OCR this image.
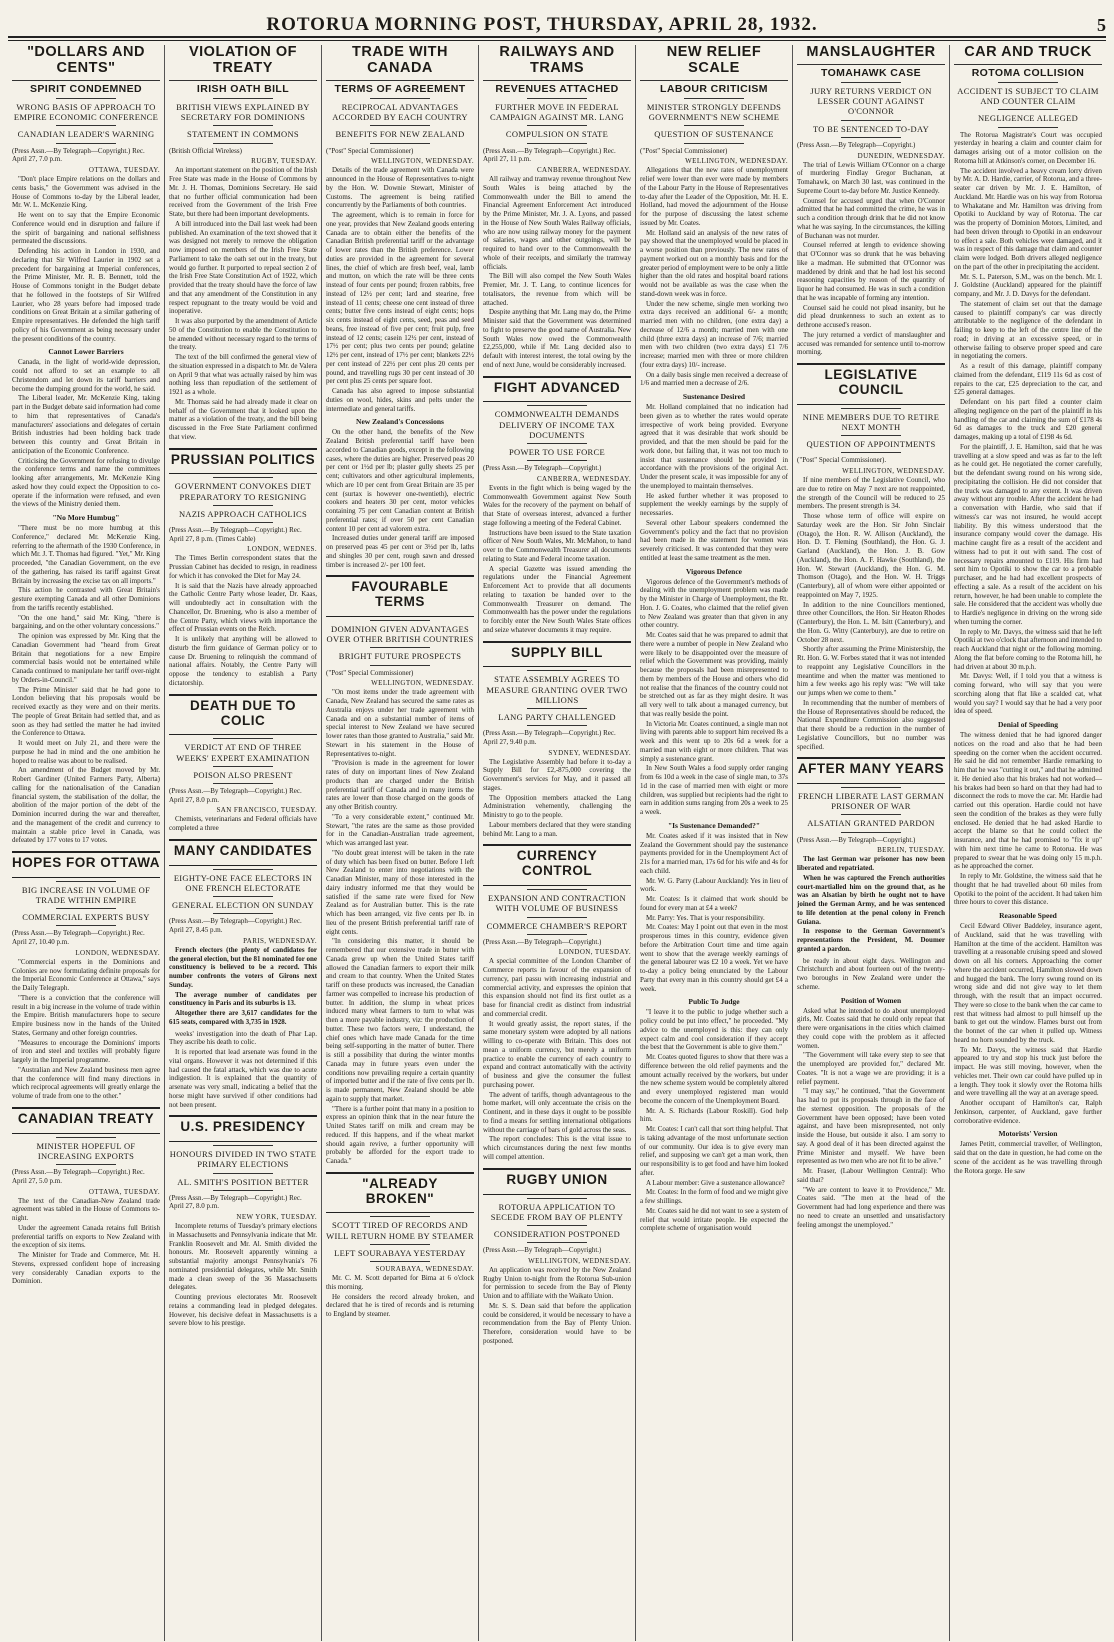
ROTORUA MORNING POST, THURSDAY, APRIL 28, 1932.	5
"DOLLARS AND CENTS"
SPIRIT CONDEMNED
WRONG BASIS OF APPROACH TO EMPIRE ECONOMIC CONFERENCE
CANADIAN LEADER'S WARNING
(Press Assn.—By Telegraph—Copyright.) Rec. April 27, 7.0 p.m.
OTTAWA, TUESDAY.

"Don't place Empire relations on the dollars and cents basis," the Government was advised in the House of Commons to-day by the Liberal leader, Mr. W. L. McKenzie King.

He went on to say that the Empire Economic Conference would end in disruption and failure if the spirit of bargaining and national selfishness permeated the discussions.

Defending his action in London in 1930, and declaring that Sir Wilfred Laurier in 1902 set a precedent for bargaining at Imperial conferences, the Prime Minister, Mr. R. B. Bennett, told the House of Commons tonight in the Budget debate that he followed in the footsteps of Sir Wilfred Laurier, who 28 years before had imposed trade conditions on Great Britain at a similar gathering of Empire representatives. He defended the high tariff policy of his Government as being necessary under the present conditions of the country.

Cannot Lower Barriers

Canada, in the light of world-wide depression, could not afford to set an example to all Christendom and let down its tariff barriers and become the dumping ground for the world, he said.

The Liberal leader, Mr. McKenzie King, taking part in the Budget debate said information had come to him that representatives of Canada's manufacturers' associations and delegates of certain British industries had been holding back trade between this country and Great Britain in anticipation of the Economic Conference.

Criticising the Government for refusing to divulge the conference terms and name the committees looking after arrangements, Mr. McKenzie King asked how they could expect the Opposition to co-operate if the information were refused, and even the views of the Ministry denied them.

"No More Humbug"

"There must be no more humbug at this Conference," declared Mr. McKenzie King, referring to the aftermath of the 1930 Conference, in which Mr. J. T. Thomas had figured. "Yet," Mr. King proceeded, "the Canadian Government, on the eve of the gathering, has raised its tariff against Great Britain by increasing the excise tax on all imports."

This action he contrasted with Great Britain's gesture exempting Canada and all other Dominions from the tariffs recently established.

"On the one hand," said Mr. King, "there is bargaining, and on the other voluntary concessions."

The opinion was expressed by Mr. King that the Canadian Government had "heard from Great Britain that negotiations for a new Empire commercial basis would not be entertained while Canada continued to manipulate her tariff over-night by Orders-in-Council."

The Prime Minister said that he had gone to London believing that his proposals would be received exactly as they were and on their merits. The people of Great Britain had settled that, and as soon as they had settled the matter he had invited the Conference to Ottawa.

It would meet on July 21, and there were the purpose he had in mind and the one ambition he hoped to realise was about to be realised.

An amendment of the Budget moved by Mr. Robert Gardiner (United Farmers Party, Alberta) calling for the nationalisation of the Canadian financial system, the stabilisation of the dollar, the abolition of the major portion of the debt of the Dominion incurred during the war and thereafter, and the management of the credit and currency to maintain a stable price level in Canada, was defeated by 177 votes to 17 votes.

HOPES FOR OTTAWA
BIG INCREASE IN VOLUME OF TRADE WITHIN EMPIRE
COMMERCIAL EXPERTS BUSY
(Press Assn.—By Telegraph—Copyright.) Rec. April 27, 10.40 p.m.
LONDON, WEDNESDAY.

"Commercial experts in the Dominions and Colonies are now formulating definite proposals for the Imperial Economic Conference at Ottawa," says the Daily Telegraph.

"There is a conviction that the conference will result in a big increase in the volume of trade within the Empire. British manufacturers hope to secure Empire business now in the hands of the United States, Germany and other foreign countries.

"Measures to encourage the Dominions' imports of iron and steel and textiles will probably figure largely in the Imperial programme.

"Australian and New Zealand business men agree that the conference will find many directions in which reciprocal agreements will greatly enlarge the volume of trade from one to the other."

CANADIAN TREATY
MINISTER HOPEFUL OF INCREASING EXPORTS
(Press Assn.—By Telegraph—Copyright.) Rec. April 27, 5.0 p.m.
OTTAWA, TUESDAY.

The text of the Canadian-New Zealand trade agreement was tabled in the House of Commons to-night.

Under the agreement Canada retains full British preferential tariffs on exports to New Zealand with the exception of six items.

The Minister for Trade and Commerce, Mr. H. Stevens, expressed confident hope of increasing very considerably Canadian exports to the Dominion.

VIOLATION OF TREATY
IRISH OATH BILL
BRITISH VIEWS EXPLAINED BY SECRETARY FOR DOMINIONS
STATEMENT IN COMMONS
(British Official Wireless)
RUGBY, TUESDAY.

An important statement on the position of the Irish Free State was made in the House of Commons by Mr. J. H. Thomas, Dominions Secretary. He said that no further official communication had been received from the Government of the Irish Free State, but there had been important developments.

A bill introduced into the Dail last week had been published. An examination of the text showed that it was designed not merely to remove the obligation now imposed on members of the Irish Free State Parliament to take the oath set out in the treaty, but would go further. It purported to repeal section 2 of the Irish Free State Constitution Act of 1922, which provided that the treaty should have the force of law and that any amendment of the Constitution in any respect repugnant to the treaty would be void and inoperative.

It was also purported by the amendment of Article 50 of the Constitution to enable the Constitution to be amended without necessary regard to the terms of the treaty.

The text of the bill confirmed the general view of the situation expressed in a dispatch to Mr. de Valera on April 9 that what was actually raised by him was nothing less than repudiation of the settlement of 1921 as a whole.

Mr. Thomas said he had already made it clear on behalf of the Government that it looked upon the matter as a violation of the treaty, and the bill being discussed in the Free State Parliament confirmed that view.

PRUSSIAN POLITICS
GOVERNMENT CONVOKES DIET PREPARATORY TO RESIGNING
NAZIS APPROACH CATHOLICS
(Press Assn.—By Telegraph—Copyright.) Rec. April 27, 8 p.m. (Times Cable)
LONDON, WEDNES.

The Times Berlin correspondent states that the Prussian Cabinet has decided to resign, in readiness for which it has convoked the Diet for May 24.

It is said that the Nazis have already approached the Catholic Centre Party whose leader, Dr. Kaas, will undoubtedly act in consultation with the Chancellor, Dr. Bruening, who is also a member of the Centre Party, which views with importance the effect of Prussian events on the Reich.

It is unlikely that anything will be allowed to disturb the firm guidance of German policy or to cause Dr. Bruening to relinquish the command of national affairs. Notably, the Centre Party will oppose the tendency to establish a Party dictatorship.

DEATH DUE TO COLIC
VERDICT AT END OF THREE WEEKS' EXPERT EXAMINATION
POISON ALSO PRESENT
(Press Assn.—By Telegraph—Copyright.) Rec. April 27, 8.0 p.m.
SAN FRANCISCO, TUESDAY.

Chemists, veterinarians and Federal officials have completed a three

MANY CANDIDATES
EIGHTY-ONE FACE ELECTORS IN ONE FRENCH ELECTORATE
GENERAL ELECTION ON SUNDAY
(Press Assn.—By Telegraph—Copyright.) Rec. April 27, 8.45 p.m.
PARIS, WEDNESDAY.

French electors (the plenty of candidates for the general election, but the 81 nominated for one constituency is believed to be a record. This number confronts the voters of Girons next Sunday.

The average number of candidates per constituency in Paris and its suburbs is 13.

Altogether there are 3,617 candidates for the 615 seats, compared with 3,735 in 1928.

weeks' investigation into the death of Phar Lap. They ascribe his death to colic.

It is reported that lead arsenate was found in the vital organs. However it was not determined if this had caused the fatal attack, which was due to acute indigestion. It is explained that the quantity of arsenate was very small, indicating a belief that the horse might have survived if other conditions had not been present.

U.S. PRESIDENCY
HONOURS DIVIDED IN TWO STATE PRIMARY ELECTIONS
AL. SMITH'S POSITION BETTER
(Press Assn.—By Telegraph—Copyright.) Rec. April 27, 8.0 p.m.
NEW YORK, TUESDAY.

Incomplete returns of Tuesday's primary elections in Massachusetts and Pennsylvania indicate that Mr. Franklin Roosevelt and Mr. Al. Smith divided the honours. Mr. Roosevelt apparently winning a substantial majority amongst Pennsylvania's 76 nominated presidential delegates, while Mr. Smith made a clean sweep of the 36 Massachusetts delegates.

Counting previous electorates Mr. Roosevelt retains a commanding lead in pledged delegates. However, his decisive defeat in Massachusetts is a severe blow to his prestige.

TRADE WITH CANADA
TERMS OF AGREEMENT
RECIPROCAL ADVANTAGES ACCORDED BY EACH COUNTRY
BENEFITS FOR NEW ZEALAND
("Post" Special Commissioner)
WELLINGTON, WEDNESDAY.

Details of the trade agreement with Canada were announced in the House of Representatives to-night by the Hon. W. Downie Stewart, Minister of Customs. The agreement is being ratified concurrently by the Parliaments of both countries.

The agreement, which is to remain in force for one year, provides that New Zealand goods entering Canada are to obtain either the benefits of the Canadian British preferential tariff or the advantage of lower rates than the British preference. Lower duties are provided in the agreement for several lines, the chief of which are fresh beef, veal, lamb and mutton, on which the rate will be three cents instead of four cents per pound; frozen rabbits, free instead of 12½ per cent; lard and stearine, free instead of 11 cents; cheese one cent instead of three cents; butter five cents instead of eight cents; hops six cents instead of eight cents, seed, peas and seed beans, free instead of five per cent; fruit pulp, free instead of 12 cents; casein 12½ per cent, instead of 17½ per cent; plus two cents per pound; gelatine 12½ per cent, instead of 17½ per cent; blankets 22½ per cent instead of 22½ per cent plus 20 cents per pound, and travelling rugs 30 per cent instead of 30 per cent plus 25 cents per square foot.

Canada has also agreed to impose substantial duties on wool, hides, skins and pelts under the intermediate and general tariffs.

New Zealand's Concessions

On the other hand, the benefits of the New Zealand British preferential tariff have been accorded to Canadian goods, except in the following cases, where the duties are higher. Preserved peas 20 per cent or 1½d per lb; plaster gully sheets 25 per cent; cultivators and other agricultural implements, which are 10 per cent from Great Britain are 35 per cent (surtax is however one-twentieth), electric cookers and heaters 30 per cent, motor vehicles containing 75 per cent Canadian content at British preferential rates; if over 50 per cent Canadian content 10 per cent ad valorem extra.

Increased duties under general tariff are imposed on preserved peas 45 per cent or 3½d per lb, laths and shingles 30 per cent, rough sawn and dressed timber is increased 2/- per 100 feet.

FAVOURABLE TERMS
DOMINION GIVEN ADVANTAGES OVER OTHER BRITISH COUNTRIES
BRIGHT FUTURE PROSPECTS
("Post" Special Commissioner)
WELLINGTON, WEDNESDAY.

"On most items under the trade agreement with Canada, New Zealand has secured the same rates as Australia enjoys under her trade agreement with Canada and on a substantial number of items of special interest to New Zealand we have secured lower rates than those granted to Australia," said Mr. Stewart in his statement in the House of Representatives to-night.

"Provision is made in the agreement for lower rates of duty on important lines of New Zealand products than are charged under the British preferential tariff of Canada and in many items the rates are lower than those charged on the goods of any other British country.

"To a very considerable extent," continued Mr. Stewart, "the rates are the same as those provided for in the Canadian-Australian trade agreement, which was arranged last year.

"No doubt great interest will be taken in the rate of duty which has been fixed on butter. Before I left New Zealand to enter into negotiations with the Canadian Minister, many of those interested in the dairy industry informed me that they would be satisfied if the same rate were fixed for New Zealand as for Australian butter. This is the rate which has been arranged, viz five cents per lb. in lieu of the present British preferential tariff rate of eight cents.

"In considering this matter, it should be remembered that our extensive trade in butter with Canada grew up when the United States tariff allowed the Canadian farmers to export their milk and cream to that country. When the United States tariff on these products was increased, the Canadian farmer was compelled to increase his production of butter. In addition, the slump in wheat prices induced many wheat farmers to turn to what was then a more payable industry, viz: the production of butter. These two factors were, I understand, the chief ones which have made Canada for the time being self-supporting in the matter of butter. There is still a possibility that during the winter months Canada may in future years even under the conditions now prevailing require a certain quantity of imported butter and if the rate of five cents per lb. is made permanent, New Zealand should be able again to supply that market.

"There is a further point that many in a position to express an opinion think that in the near future the United States tariff on milk and cream may be reduced. If this happens, and if the wheat market should again revive, a further opportunity will probably be afforded for the export trade to Canada."

"ALREADY BROKEN"
SCOTT TIRED OF RECORDS AND WILL RETURN HOME BY STEAMER
LEFT SOURABAYA YESTERDAY
SOURABAYA, WEDNESDAY.

Mr. C. M. Scott departed for Bima at 6 o'clock this morning.

He considers the record already broken, and declared that he is tired of records and is returning to England by steamer.

RAILWAYS AND TRAMS
REVENUES ATTACHED
FURTHER MOVE IN FEDERAL CAMPAIGN AGAINST MR. LANG
COMPULSION ON STATE
(Press Assn.—By Telegraph—Copyright.) Rec. April 27, 11 p.m.
CANBERRA, WEDNESDAY.

All railway and tramway revenue throughout New South Wales is being attached by the Commonwealth under the Bill to amend the Financial Agreement Enforcement Act introduced by the Prime Minister, Mr. J. A. Lyons, and passed in the House of New South Wales Railway officials, who are now using railway money for the payment of salaries, wages and other outgoings, will be required to hand over to the Commonwealth the whole of their receipts, and similarly the tramway officials.

The Bill will also compel the New South Wales Premier, Mr. J. T. Lang, to continue licences for totalisators, the revenue from which will be attached.

Despite anything that Mr. Lang may do, the Prime Minister said that the Government was determined to fight to preserve the good name of Australia. New South Wales now owed the Commonwealth £2,255,000, while if Mr. Lang decided also to default with interest interest, the total owing by the end of next June, would be considerably increased.

FIGHT ADVANCED
COMMONWEALTH DEMANDS DELIVERY OF INCOME TAX DOCUMENTS
POWER TO USE FORCE
(Press Assn.—By Telegraph—Copyright.)
CANBERRA, WEDNESDAY.

Events in the fight which is being waged by the Commonwealth Government against New South Wales for the recovery of the payment on behalf of that State of overseas interest, advanced a further stage following a meeting of the Federal Cabinet.

Instructions have been issued to the State taxation officer of New South Wales, Mr. McMahon, to hand over to the Commonwealth Treasurer all documents relating to State and Federal income taxation.

A special Gazette was issued amending the regulations under the Financial Agreement Enforcement Act to provide that all documents relating to taxation be handed over to the Commonwealth Treasurer on demand. The Commonwealth has the power under the regulations to forcibly enter the New South Wales State offices and seize whatever documents it may require.

SUPPLY BILL
STATE ASSEMBLY AGREES TO MEASURE GRANTING OVER TWO MILLIONS
LANG PARTY CHALLENGED
(Press Assn.—By Telegraph—Copyright.) Rec. April 27, 9.40 p.m.
SYDNEY, WEDNESDAY.

The Legislative Assembly had before it to-day a Supply Bill for £2,-875,000 covering the Government's services for May, and it passed all stages.

The Opposition members attacked the Lang Administration vehemently, challenging the Ministry to go to the people.

Labour members declared that they were standing behind Mr. Lang to a man.

CURRENCY CONTROL
EXPANSION AND CONTRACTION WITH VOLUME OF BUSINESS
COMMERCE CHAMBER'S REPORT
(Press Assn.—By Telegraph—Copyright.)
LONDON, TUESDAY.

A special committee of the London Chamber of Commerce reports in favour of the expansion of currency, pari passu with increasing industrial and commercial activity, and expresses the opinion that this expansion should not find its first outlet as a base for financial credit as distinct from industrial and commercial credit.

It would greatly assist, the report states, if the same monetary system were adopted by all nations willing to co-operate with Britain. This does not mean a uniform currency, but merely a uniform practice to enable the currency of each country to expand and contract automatically with the activity of business and give the consumer the fullest purchasing power.

The advent of tariffs, though advantageous to the home market, will only accentuate the crisis on the Continent, and in these days it ought to be possible to find a means for settling international obligations without the carriage of bars of gold across the seas.

The report concludes: This is the vital issue to which circumstances during the next few months will compel attention.

RUGBY UNION
ROTORUA APPLICATION TO SECEDE FROM BAY OF PLENTY
CONSIDERATION POSTPONED
(Press Assn.—By Telegraph—Copyright.)
WELLINGTON, WEDNESDAY.

An application was received by the New Zealand Rugby Union to-night from the Rotorua Sub-union for permission to secede from the Bay of Plenty Union and to affiliate with the Waikato Union.

Mr. S. S. Dean said that before the application could be considered, it would be necessary to have a recommendation from the Bay of Plenty Union. Therefore, consideration would have to be postponed.

NEW RELIEF SCALE
LABOUR CRITICISM
MINISTER STRONGLY DEFENDS GOVERNMENT'S NEW SCHEME
QUESTION OF SUSTENANCE
("Post" Special Commissioner)
WELLINGTON, WEDNESDAY.

Allegations that the new rates of unemployment relief were lower than ever were made by members of the Labour Party in the House of Representatives to-day after the Leader of the Opposition, Mr. H. E. Holland, had moved the adjournment of the House for the purpose of discussing the latest scheme issued by Mr. Coates.

Mr. Holland said an analysis of the new rates of pay showed that the unemployed would be placed in a worse position than previously. The new rates of payment worked out on a monthly basis and for the greater period of employment were to be only a little higher than the old rates and hospital board rations would not be available as was the case when the stand-down week was in force.

Under the new scheme, single men working two extra days received an additional 6/- a month; married men with no children, (one extra day) a decrease of 12/6 a month; married men with one child (three extra days) an increase of 7/6; married men with two children (two extra days) £1 7/6 increase; married men with three or more children (four extra days) 10/- increase.

On a daily basis single men received a decrease of 1/6 and married men a decrease of 2/6.

Sustenance Desired

Mr. Holland complained that no indication had been given as to whether the rates would operate irrespective of work being provided. Everyone agreed that it was desirable that work should be provided, and that the men should be paid for the work done, but failing that, it was not too much to insist that sustenance should be provided in accordance with the provisions of the original Act. Under the present scale, it was impossible for any of the unemployed to maintain themselves.

He asked further whether it was proposed to supplement the weekly earnings by the supply of necessaries.

Several other Labour speakers condemned the Government's policy and the fact that no provision had been made in the statement for women was severely criticised. It was contended that they were entitled at least the same treatment as the men.

Vigorous Defence

Vigorous defence of the Government's methods of dealing with the unemployment problem was made by the Minister in Charge of Unemployment, the Rt. Hon. J. G. Coates, who claimed that the relief given to New Zealand was greater than that given in any other country.

Mr. Coates said that he was prepared to admit that there were a number of people in New Zealand who were likely to be disappointed over the measure of relief which the Government was providing, mainly because the proposals had been misrepresented to them by members of the House and others who did not realise that the finances of the country could not be stretched out as far as they might desire. It was all very well to talk about a managed currency, but that was really beside the point.

In Victoria Mr. Coates continued, a single man not living with parents able to support him received 8s a week and this went up to 20s 6d a week for a married man with eight or more children. That was simply a sustenance grant.

In New South Wales a food supply order ranging from 6s 10d a week in the case of single man, to 37s 1d in the case of married men with eight or more children, was supplied but recipients had the right to earn in addition sums ranging from 20s a week to 25 a week.

"Is Sustenance Demanded?"

Mr. Coates asked if it was insisted that in New Zealand the Government should pay the sustenance payments provided for in the Unemployment Act of 21s for a married man, 17s 6d for his wife and 4s for each child.

Mr. W. G. Parry (Labour Auckland): Yes in lieu of work.

Mr. Coates: Is it claimed that work should be found for every man at £4 a week?

Mr. Parry: Yes. That is your responsibility.

Mr. Coates: May I point out that even in the most prosperous times in this country, evidence given before the Arbitration Court time and time again went to show that the average weekly earnings of the general labourer was £2 10 a week. Yet we have to-day a policy being enunciated by the Labour Party that every man in this country should get £4 a week.

Public To Judge

"I leave it to the public to judge whether such a policy could be put into effect," he proceeded. "My advice to the unemployed is this: they can only expect calm and cool consideration if they accept the best that the Government is able to give them."

Mr. Coates quoted figures to show that there was a difference between the old relief payments and the amount actually received by the workers, but under the new scheme system would be completely altered and every unemployed registered man would become the concern of the Unemployment Board.

Mr. A. S. Richards (Labour Roskill). God help him.

Mr. Coates: I can't call that sort thing helpful. That is taking advantage of the most unfortunate section of our community. Our idea is to give every man relief, and supposing we can't get a man work, then our responsibility is to get food and have him looked after.

A Labour member: Give a sustenance allowance?

Mr. Coates: In the form of food and we might give a few shillings.

Mr. Coates said he did not want to see a system of relief that would irritate people. He expected the complete scheme of organisation would

MANSLAUGHTER
TOMAHAWK CASE
JURY RETURNS VERDICT ON LESSER COUNT AGAINST O'CONNOR
TO BE SENTENCED TO-DAY
(Press Assn.—By Telegraph—Copyright.)
DUNEDIN, WEDNESDAY.

The trial of Lewis William O'Connor on a charge of murdering Findlay Gregor Buchanan, at Tomahawk, on March 30 last, was continued in the Supreme Court to-day before Mr. Justice Kennedy.

Counsel for accused urged that when O'Connor admitted that he had committed the crime, he was in such a condition through drink that he did not know what he was saying. In the circumstances, the killing of Buchanan was not murder.

Counsel referred at length to evidence showing that O'Connor was so drunk that he was behaving like a madman. He submitted that O'Connor was maddened by drink and that he had lost his second reasoning capacities by reason of the quantity of liquor he had consumed. He was in such a condition that he was incapable of forming any intention.

Counsel said he could not plead insanity, but he did plead drunkenness to such an extent as to dethrone accused's reason.

The jury returned a verdict of manslaughter and accused was remanded for sentence until to-morrow morning.

LEGISLATIVE COUNCIL
NINE MEMBERS DUE TO RETIRE NEXT MONTH
QUESTION OF APPOINTMENTS
("Post" Special Commissioner).
WELLINGTON, WEDNESDAY.

If nine members of the Legislative Council, who are due to retire on May 7 next are not reappointed, the strength of the Council will be reduced to 25 members. The present strength is 34.

Those whose term of office will expire on Saturday week are the Hon. Sir John Sinclair (Otago), the Hon. R. W. Allison (Auckland), the Hon. D. T. Fleming (Southland), the Hon. G. J. Garland (Auckland), the Hon. J. B. Gow (Auckland), the Hon. A. F. Hawke (Southland), the Hon. W. Stewart (Auckland), the Hon. G. M. Thomson (Otago), and the Hon. W. H. Triggs (Canterbury), all of whom were either appointed or reappointed on May 7, 1925.

In addition to the nine Councillors mentioned, three other Councillors, the Hon. Sir Heaton Rhodes (Canterbury), the Hon. L. M. Isitt (Canterbury), and the Hon. G. Witty (Canterbury), are due to retire on October 28 next.

Shortly after assuming the Prime Ministership, the Rt. Hon. G. W. Forbes stated that it was not intended to reappoint any Legislative Councillors in the meantime and when the matter was mentioned to him a few weeks ago his reply was: "We will take our jumps when we come to them."

In recommending that the number of members of the House of Representatives should be reduced, the National Expenditure Commission also suggested that there should be a reduction in the number of Legislative Councillors, but no number was specified.

AFTER MANY YEARS
FRENCH LIBERATE LAST GERMAN PRISONER OF WAR
ALSATIAN GRANTED PARDON
(Press Assn.—By Telegraph—Copyright.)
BERLIN, TUESDAY.

The last German war prisoner has now been liberated and repatriated.

When he was captured the French authorities court-martialled him on the ground that, as he was an Alsatian by birth he ought not to have joined the German Army, and he was sentenced to life detention at the penal colony in French Guiana.

In response to the German Government's representations the President, M. Doumer granted a pardon.

be ready in about eight days. Wellington and Christchurch and about fourteen out of the twenty-two boroughs in New Zealand were under the scheme.

Position of Women

Asked what he intended to do about unemployed girls, Mr. Coates said that he could only repeat that there were organisations in the cities which claimed they could cope with the problem as it affected women.

"The Government will take every step to see that the unemployed are provided for," declared Mr. Coates. "It is not a wage we are providing; it is a relief payment.

"I may say," he continued, "that the Government has had to put its proposals through in the face of the sternest opposition. The proposals of the Government have been opposed; have been voted against, and have been misrepresented, not only inside the House, but outside it also. I am sorry to say. A good deal of it has been directed against the Prime Minister and myself. We have been represented as two men who are not fit to be alive."

Mr. Fraser, (Labour Wellington Central): Who said that?

"We are content to leave it to Providence," Mr. Coates said. "The men at the head of the Government had had long experience and there was no need to create an unsettled and unsatisfactory feeling amongst the unemployed."

CAR AND TRUCK
ROTOMA COLLISION
ACCIDENT IS SUBJECT TO CLAIM AND COUNTER CLAIM
NEGLIGENCE ALLEGED

The Rotorua Magistrate's Court was occupied yesterday in hearing a claim and counter claim for damages arising out of a motor collision on the Rotoma hill at Atkinson's corner, on December 16.

The accident involved a heavy cream lorry driven by Mr. A. D. Hardie, carrier, of Rotorua, and a three-seater car driven by Mr. J. E. Hamilton, of Auckland. Mr. Hardie was on his way from Rotorua to Whakatane and Mr. Hamilton was driving from Opotiki to Auckland by way of Rotorua. The car was the property of Dominion Motors, Limited, and had been driven through to Opotiki in an endeavour to effect a sale. Both vehicles were damaged, and it was in respect of this damage that claim and counter claim were lodged. Both drivers alleged negligence on the part of the other in precipitating the accident.

Mr. S. L. Paterson, S.M., was on the bench. Mr. I. J. Goldstine (Auckland) appeared for the plaintiff company, and Mr. J. D. Davys for the defendant.

The statement of claim set out that the damage caused to plaintiff company's car was directly attributable to the negligence of the defendant in failing to keep to the left of the centre line of the road; in driving at an excessive speed, or in otherwise failing to observe proper speed and care in negotiating the corners.

As a result of this damage, plaintiff company claimed from the defendant, £119 11s 6d as cost of repairs to the car, £25 depreciation to the car, and £25 general damages.

Defendant on his part filed a counter claim alleging negligence on the part of the plaintiff in his handling of the car and claiming the sum of £178 4s 6d as damages to the truck and £20 general damages, making up a total of £198 4s 6d.

For the plaintiff, J. E. Hamilton, said that he was travelling at a slow speed and was as far to the left as he could get. He negotiated the corner carefully, but the defendant swung round on his wrong side, precipitating the collision. He did not consider that the truck was damaged to any extent. It was driven away without any trouble. After the accident he had a conversation with Hardie, who said that if witness's car was not insured, he would accept liability. By this witness understood that the insurance company would cover the damage. His machine caught fire as a result of the accident and witness had to put it out with sand. The cost of necessary repairs amounted to £119. His firm had sent him to Opotiki to show the car to a probable purchaser, and he had had excellent prospects of effecting a sale. As a result of the accident on his return, however, he had been unable to complete the sale. He considered that the accident was wholly due to Hardie's negligence in driving on the wrong side when turning the corner.

In reply to Mr. Davys, the witness said that he left Opotiki at two o'clock that afternoon and intended to reach Auckland that night or the following morning. Along the flat before coming to the Rotoma hill, he had driven at about 30 m.p.h.

Mr. Davys: Well, if I told you that a witness is coming forward, who will say that you were scorching along that flat like a scalded cat, what would you say? I would say that he had a very poor idea of speed.

Denial of Speeding

The witness denied that he had ignored danger notices on the road and also that he had been speeding on the corner when the accident occurred. He said he did not remember Hardie remarking to him that he was "cutting it out," and that he admitted it. He denied also that his brakes had not worked—his brakes had been so hard on that they had had to disconnect the rods to move the car. Mr. Hardie had carried out this operation. Hardie could not have seen the condition of the brakes as they were fully enclosed. He denied that he had asked Hardie to accept the blame so that he could collect the insurance, and that he had promised to "fix it up" with him next time he came to Rotorua. He was prepared to swear that he was doing only 15 m.p.h. as he approached the corner.

In reply to Mr. Goldstine, the witness said that he thought that he had travelled about 60 miles from Opotiki to the point of the accident. It had taken him three hours to cover this distance.

Reasonable Speed

Cecil Edward Oliver Baddeley, insurance agent, of Auckland, said that he was travelling with Hamilton at the time of the accident. Hamilton was travelling at a reasonable cruising speed and slowed down on all his corners. Approaching the corner where the accident occurred, Hamilton slowed down and hugged the bank. The lorry swung round on its wrong side and did not give way to let them through, with the result that an impact occurred. They were so close to the bank when the car came to rest that witness had almost to pull himself up the bank to get out the window. Flames burst out from the bonnet of the car when it pulled up. Witness heard no horn sounded by the truck.

To Mr. Davys, the witness said that Hardie appeared to try and stop his truck just before the impact. He was still moving, however, when the vehicles met. Their own car could have pulled up in a length. They took it slowly over the Rotoma hills and were travelling all the way at an average speed.

Another occupant of Hamilton's car, Ralph Jenkinson, carpenter, of Auckland, gave further corroborative evidence.

Motorists' Version

James Petitt, commercial traveller, of Wellington, said that on the date in question, he had come on the scene of the accident as he was travelling through the Rotora gorge. He saw
